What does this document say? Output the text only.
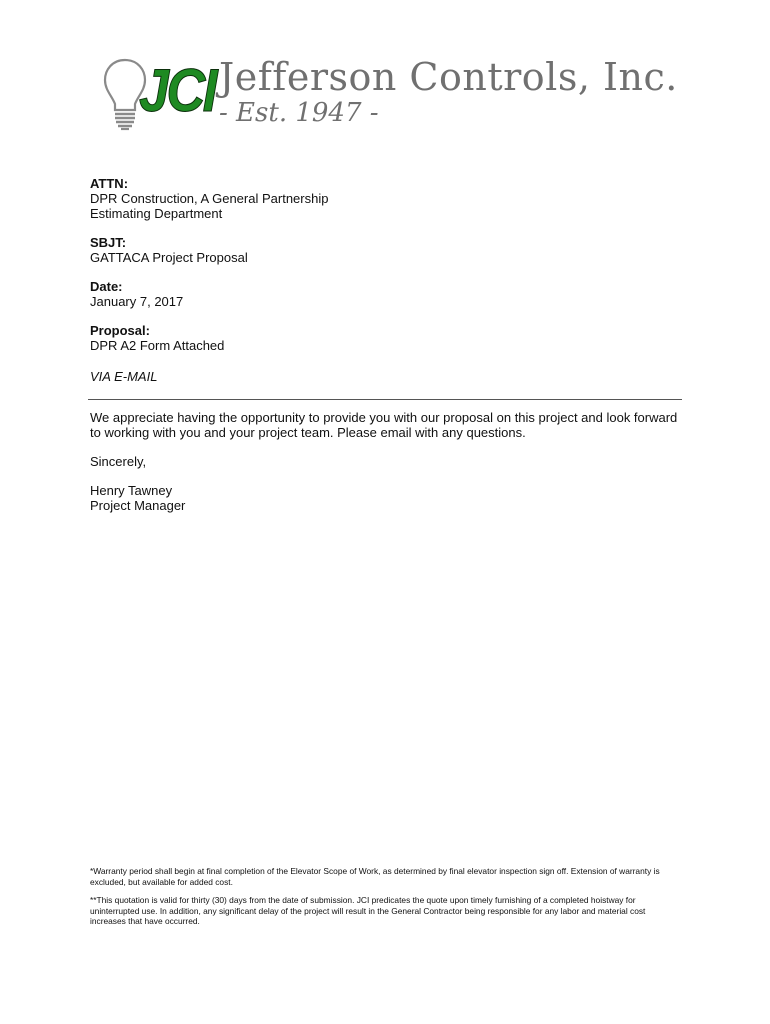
JCI Jefferson Controls, Inc.
- Est. 1947 -
ATTN:
DPR Construction, A General Partnership
Estimating Department
SBJT:
GATTACA Project Proposal
Date:
January 7, 2017
Proposal:
DPR A2 Form Attached
VIA E-MAIL

We appreciate having the opportunity to provide you with our proposal on this project and look forward to working with you and your project team. Please email with any questions.

Sincerely,

Henry Tawney
Project Manager

*Warranty period shall begin at final completion of the Elevator Scope of Work, as determined by final elevator inspection sign off. Extension of warranty is excluded, but available for added cost.

**This quotation is valid for thirty (30) days from the date of submission. JCI predicates the quote upon timely furnishing of a completed hoistway for uninterrupted use. In addition, any significant delay of the project will result in the General Contractor being responsible for any labor and material cost increases that have occurred.
